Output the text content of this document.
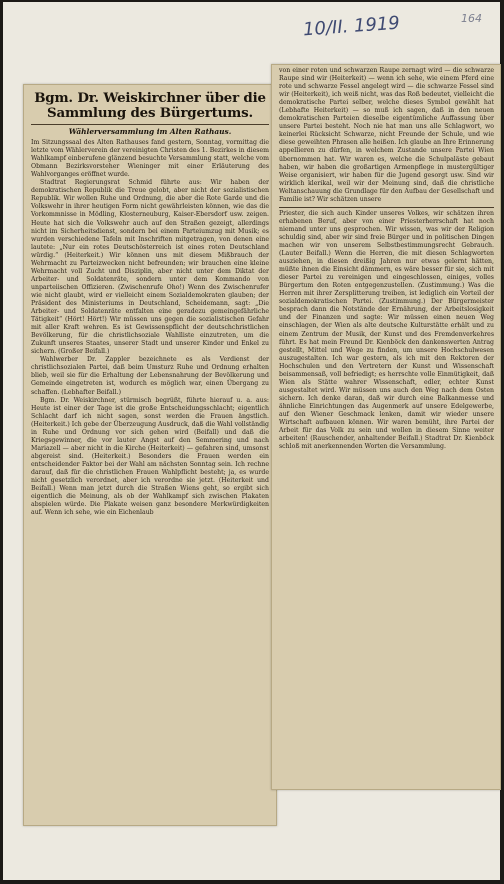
10/II. 1919	164
Bgm. Dr. Weiskirchner über die Sammlung des Bürgertums.
Wählerversammlung im Alten Rathaus.

Im Sitzungssaal des Alten Rathauses fand gestern, Sonntag, vormittag die letzte vom Wählerverein der vereinigten Christen des 1. Bezirkes in diesem Wahlkampf einberufene glänzend besuchte Versammlung statt, welche vom Obmann Bezirksvorsteher Wieninger mit einer Erläuterung des Wahlvorganges eröffnet wurde.

Stadtrat Regierungsrat Schmid führte aus: Wir haben der demokratischen Republik die Treue gelobt, aber nicht der sozialistischen Republik. Wir wollen Ruhe und Ordnung, die aber die Rote Garde und die Volkswehr in ihrer heutigen Form nicht gewährleisten können, wie das die Vorkommnisse in Mödling, Klosterneuburg, Kaiser-Ebersdorf usw. zeigen. Heute hat sich die Volkswehr auch auf den Straßen gezeigt, allerdings nicht im Sicherheitsdienst, sondern bei einem Parteiumzug mit Musik; es wurden verschiedene Tafeln mit Inschriften mitgetragen, von denen eine lautete: „Nur ein rotes Deutschösterreich ist eines roten Deutschland würdig.“ (Heiterkeit.) Wir können uns mit diesem Mißbrauch der Wehrmacht zu Parteizwecken nicht befreunden; wir brauchen eine kleine Wehrmacht voll Zucht und Disziplin, aber nicht unter dem Diktat der Arbeiter- und Soldatenräte, sondern unter dem Kommando von unparteiischen Offizieren. (Zwischenrufe Oho!) Wenn des Zwischenrufer wie nicht glaubt, wird er vielleicht einem Sozialdemokraten glauben; der Präsident des Ministeriums in Deutschland, Scheidemann, sagt: „Die Arbeiter- und Soldatenräte entfalten eine geradezu gemeingefährliche Tätigkeit“ (Hört! Hört!) Wir müssen uns gegen die sozialistischen Gefahr mit aller Kraft wehren. Es ist Gewissenspflicht der deutschchristlichen Bevölkerung, für die christlichsoziale Wahlliste einzutreten, um die Zukunft unseres Staates, unserer Stadt und unserer Kinder und Enkel zu sichern. (Großer Beifall.)

Wahlwerber Dr. Zappler bezeichnete es als Verdienst der christlichsozialen Partei, daß beim Umsturz Ruhe und Ordnung erhalten blieb, weil sie für die Erhaltung der Lebensnahrung der Bevölkerung und Gemeinde eingetreten ist, wodurch es möglich war, einen Übergang zu schaffen. (Lebhafter Beifall.)

Bgm. Dr. Weiskirchner, stürmisch begrüßt, führte hierauf u. a. aus: Heute ist einer der Tage ist die große Entscheidungsschlacht; eigentlich Schlacht darf ich nicht sagen, sonst werden die Frauen ängstlich. (Heiterkeit.) Ich gebe der Überzeugung Ausdruck, daß die Wahl vollständig in Ruhe und Ordnung vor sich gehen wird (Beifall) und daß die Kriegsgewinner, die vor lauter Angst auf den Semmering und nach Mariazell — aber nicht in die Kirche (Heiterkeit) — gefahren sind, umsonst abgereist sind. (Heiterkeit.) Besonders die Frauen werden ein entscheidender Faktor bei der Wahl am nächsten Sonntag sein. Ich rechne darauf, daß für die christlichen Frauen Wahlpflicht besteht; ja, es wurde nicht gesetzlich verordnet, aber ich verordne sie jetzt. (Heiterkeit und Beifall.) Wenn man jetzt durch die Straßen Wiens geht, so ergibt sich eigentlich die Meinung, als ob der Wahlkampf sich zwischen Plakaten abspielen würde. Die Plakate weisen ganz besondere Merkwürdigkeiten auf. Wenn ich sehe, wie ein Eichenlaub

von einer roten und schwarzen Raupe zernagt wird — die schwarze Raupe sind wir (Heiterkeit) — wenn ich sehe, wie einem Pferd eine rote und schwarze Fessel angelegt wird — die schwarze Fessel sind wir (Heiterkeit), ich weiß nicht, was das Roß bedeutet, vielleicht die demokratische Partei selber, welche dieses Symbol gewählt hat (Lebhafte Heiterkeit) — so muß ich sagen, daß in den neuen demokratischen Parteien dieselbe eigentümliche Auffassung über unsere Partei besteht. Noch nie hat man uns alle Schlagwort, wo keinerlei Rücksicht Schwarze, nicht Freunde der Schule, und wie diese geweihten Phrasen alle heißen. Ich glaube an Ihre Erinnerung appellieren zu dürfen, in welchem Zustande unsere Partei Wien übernommen hat. Wir waren es, welche die Schulpaläste gebaut haben, wir haben die großartigen Armenpflege in mustergültiger Weise organisiert, wir haben für die Jugend gesorgt usw. Sind wir wirklich klerikal, weil wir der Meinung sind, daß die christliche Weltanschauung die Grundlage für den Aufbau der Gesellschaft und Familie ist? Wir schätzen unsere

Priester, die sich auch Kinder unseres Volkes, wir schätzen ihren erhabenen Beruf, aber von einer Priesterherrschaft hat noch niemand unter uns gesprochen. Wir wissen, was wir der Religion schuldig sind, aber wir sind freie Bürger und in politischen Dingen machen wir von unserem Selbstbestimmungsrecht Gebrauch. (Lauter Beifall.) Wenn die Herren, die mit diesen Schlagworten ausziehen, in diesen dreißig Jahren nur etwas gelernt hätten, müßte ihnen die Einsicht dämmern, es wäre besser für sie, sich mit dieser Partei zu vereinigen und eingeschlossen, einiges, volles Bürgertum den Roten entgegenzustellen. (Zustimmung.) Was die Herren mit ihrer Zersplitterung treiben, ist lediglich ein Vorteil der sozialdemokratischen Partei. (Zustimmung.) Der Bürgermeister besprach dann die Notstände der Ernährung, der Arbeitslosigkeit und der Finanzen und sagte: Wir müssen einen neuen Weg einschlagen, der Wien als alte deutsche Kulturstätte erhält und zu einem Zentrum der Musik, der Kunst und des Fremdenverkehres führt. Es hat mein Freund Dr. Kienböck den dankenswerten Antrag gestellt, Mittel und Wege zu finden, um unsere Hochschulwesen auszugestalten. Ich war gestern, als ich mit den Rektoren der Hochschulen und den Vertretern der Kunst und Wissenschaft beisammensaß, voll befriedigt; es herrschte volle Einmütigkeit, daß Wien als Stätte wahrer Wissenschaft, edler, echter Kunst ausgestaltet wird. Wir müssen uns auch den Weg nach dem Osten sichern. Ich denke daran, daß wir durch eine Balkanmesse und ähnliche Einrichtungen das Augenmerk auf unsere Edelgewerbe, auf den Wiener Geschmack lenken, damit wir wieder unsere Wirtschaft aufbauen können. Wir waren bemüht, ihre Partei der Arbeit für das Volk zu sein und wollen in diesem Sinne weiter arbeiten! (Rauschender, anhaltender Beifall.) Stadtrat Dr. Kienböck schloß mit anerkennenden Worten die Versammlung.
